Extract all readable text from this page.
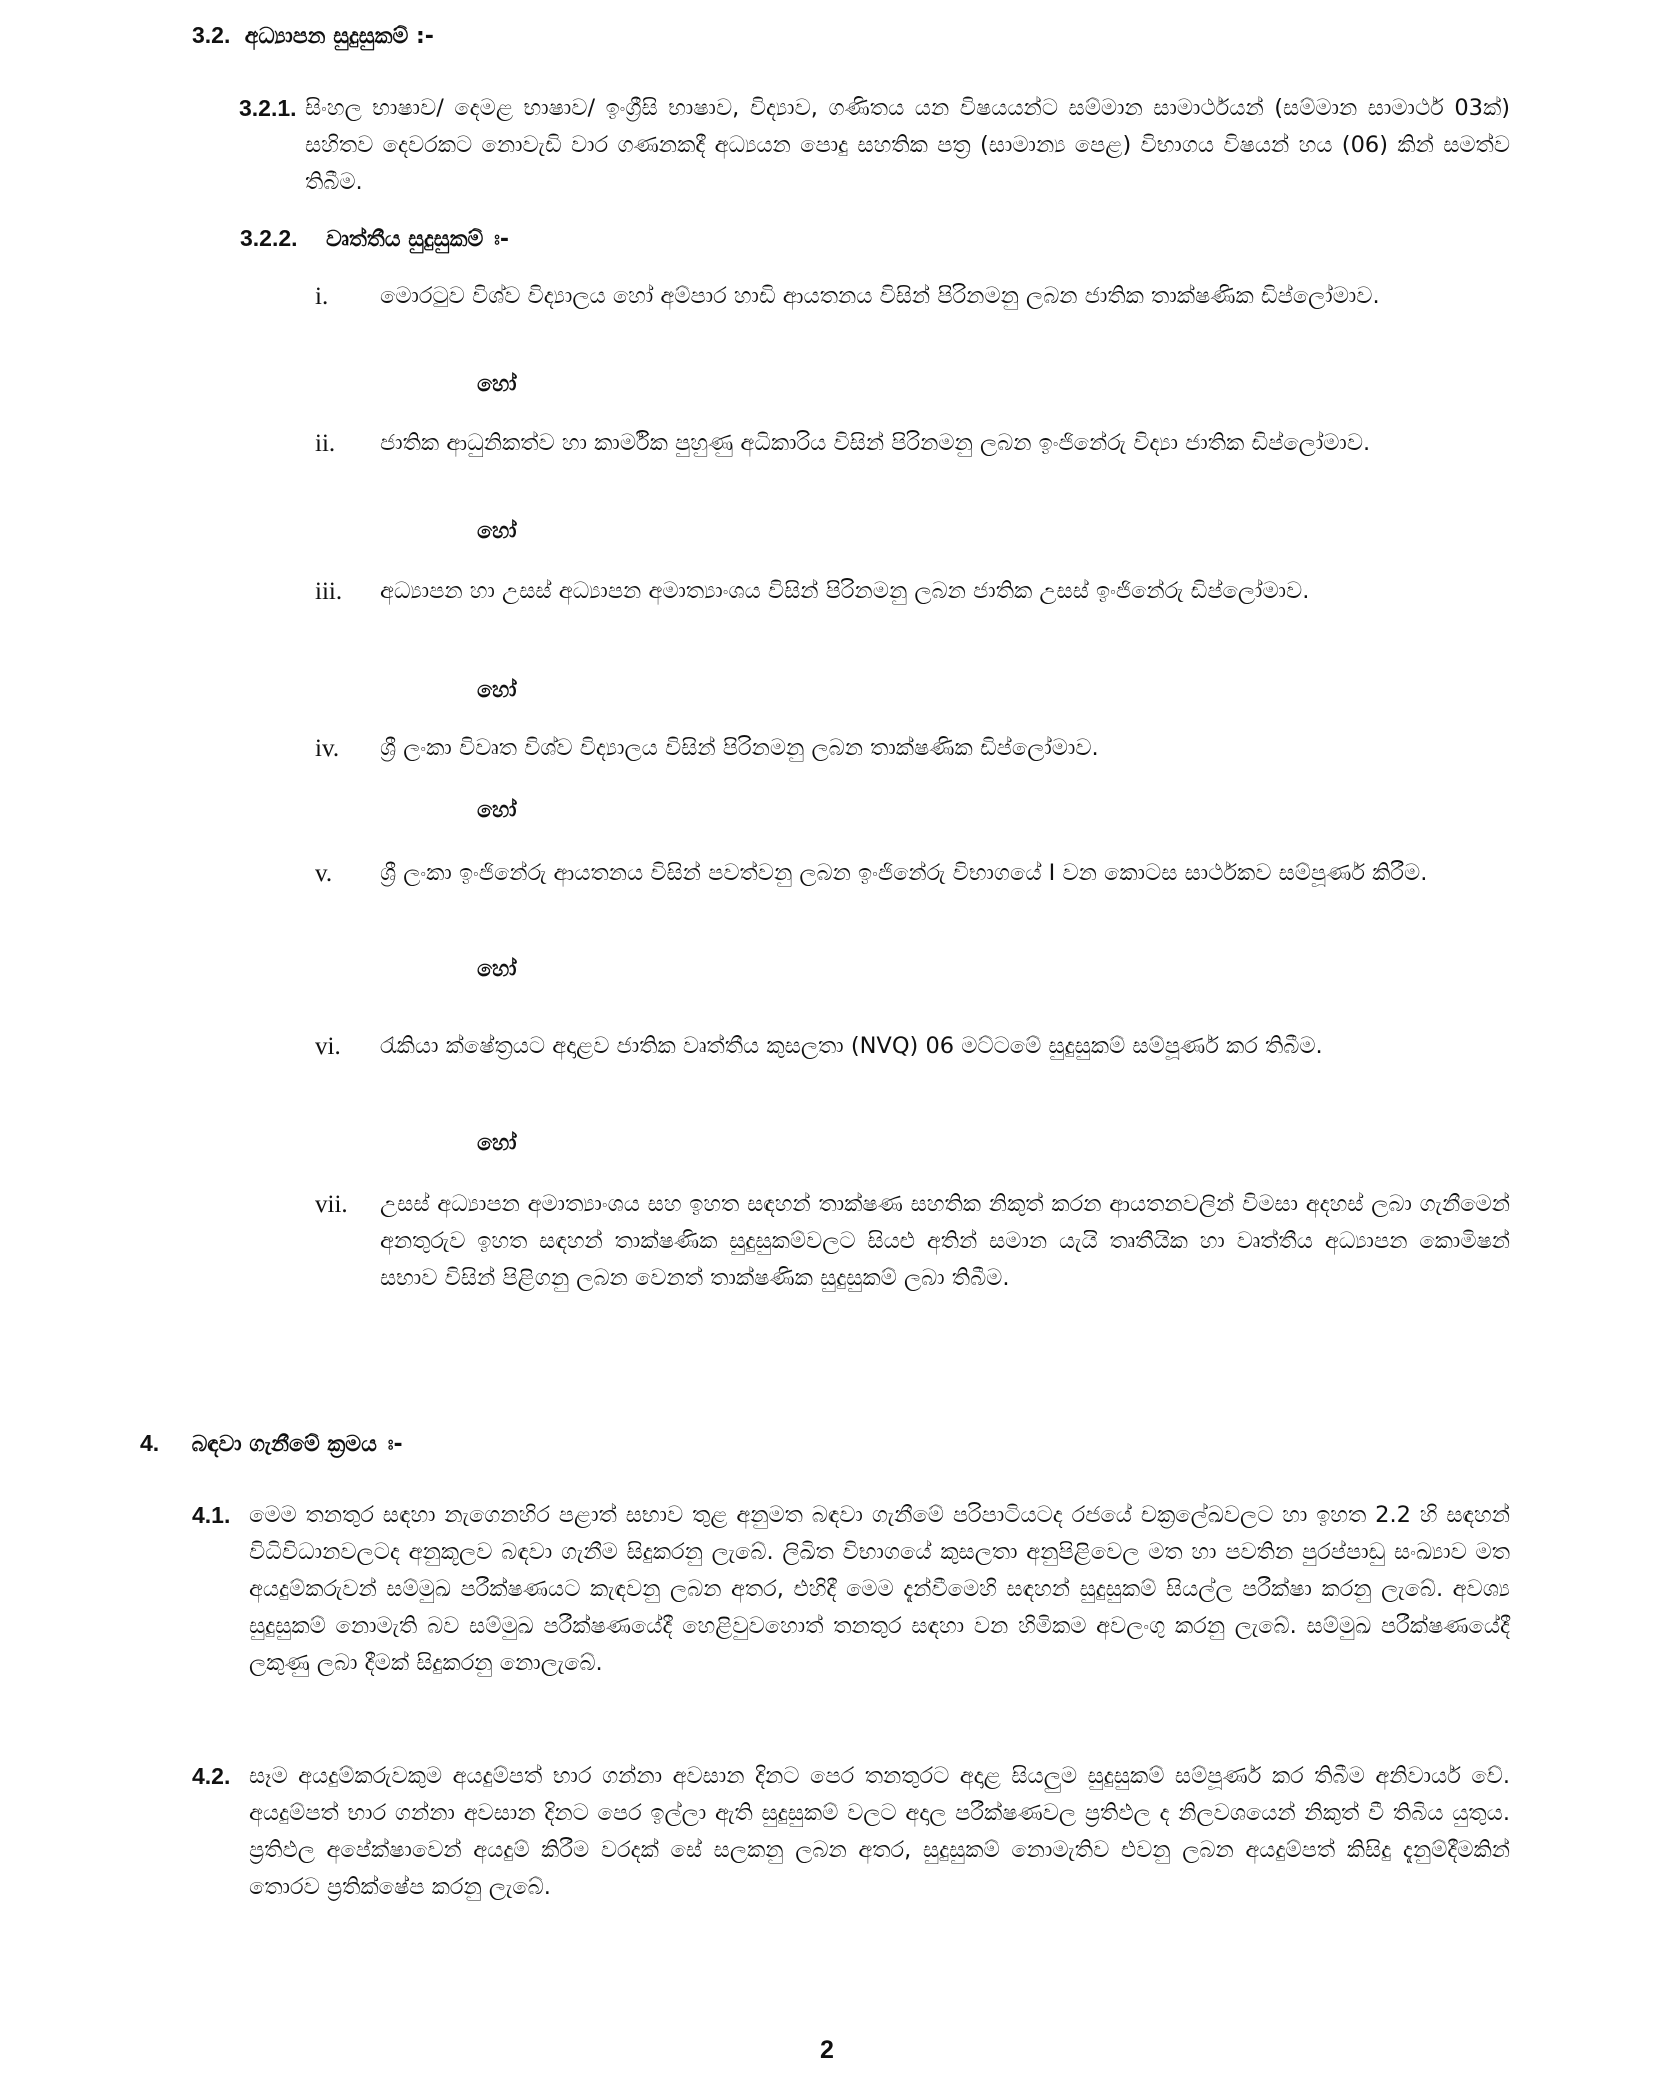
3.2. අධ්‍යාපන සුදුසුකම් :-
3.2.1. සිංහල භාෂාව/ දෙමළ භාෂාව/ ඉංග්‍රීසි භාෂාව, විද්‍යාව, ගණිතය යන විෂයයන්ට සම්මාන සාමාර්ථයන් (සම්මාන සාමාර්ථ 03ක්) සහිතව දෙවරකට නොවැඩි වාර ගණනකදී අධ්‍යයන පොදු සහතික පත්‍ර (සාමාන්‍ය පෙළ) විභාගය විෂයන් හය (06) කින් සමත්ව තිබීම.
3.2.2. වෘත්තීය සුදුසුකම් ඃ-
i. මොරටුව විශ්ව විද්‍යාලය හෝ අම්පාර හාඩි ආයතනය විසින් පිරිනමනු ලබන ජාතික තාක්ෂණික ඩිප්ලෝමාව.
හෝ
ii. ජාතික ආධුනිකත්ව හා කාර්මික පුහුණු අධිකාරිය විසින් පිරිනමනු ලබන ඉංජිනේරු විද්‍යා ජාතික ඩිප්ලෝමාව.
හෝ
iii. අධ්‍යාපන හා උසස් අධ්‍යාපන අමාත්‍යාංශය විසින් පිරිනමනු ලබන ජාතික උසස් ඉංජිනේරු ඩිප්ලෝමාව.
හෝ
iv. ශ්‍රී ලංකා විවෘත විශ්ව විද්‍යාලය විසින් පිරිනමනු ලබන තාක්ෂණික ඩිප්ලෝමාව.
හෝ
v. ශ්‍රී ලංකා ඉංජිනේරු ආයතනය විසින් පවත්වනු ලබන ඉංජිනේරු විභාගයේ I වන කොටස සාර්ථකව සම්පූර්ණ කිරීම.
හෝ
vi. රැකියා ක්ෂේත්‍රයට අදාළව ජාතික වෘත්තීය කුසලතා (NVQ) 06 මට්ටමේ සුදුසුකම් සම්පූර්ණ කර තිබීම.
හෝ
vii. උසස් අධ්‍යාපන අමාත්‍යාංශය සහ ඉහත සඳහන් තාක්ෂණ සහතික නිකුත් කරන ආයතනවලින් විමසා අදහස් ලබා ගැනීමෙන් අනතුරුව ඉහත සඳහන් තාක්ෂණික සුදුසුකම්වලට සියළු අතින් සමාන යැයි තෘතීයික හා වෘත්තීය අධ්‍යාපන කොමිෂන් සභාව විසින් පිළිගනු ලබන වෙනත් තාක්ෂණික සුදුසුකම් ලබා තිබීම.
4. බඳවා ගැනීමේ ක්‍රමය ඃ-
4.1. මෙම තනතුර සඳහා නැගෙනහිර පළාත් සභාව තුළ අනුමත බඳවා ගැනීමේ පරිපාටියටද රජයේ චක්‍රලේඛවලට හා ඉහත 2.2 හි සඳහන් විධිවිධානවලටද අනුකූලව බඳවා ගැනීම සිදුකරනු ලැබේ. ලිඛිත විභාගයේ කුසලතා අනුපිළිවෙල මත හා පවතින පුරප්පාඩු සංඛ්‍යාව මත අයදුම්කරුවන් සම්මුඛ පරීක්ෂණයට කැඳවනු ලබන අතර, එහිදී මෙම දැන්වීමෙහි සඳහන් සුදුසුකම් සියල්ල පරීක්ෂා කරනු ලැබේ. අවශ්‍ය සුදුසුකම් නොමැති බව සම්මුඛ පරීක්ෂණයේදී හෙළිවුවහොත් තනතුර සඳහා වන හිමිකම අවලංගු කරනු ලැබේ. සම්මුඛ පරීක්ෂණයේදී ලකුණු ලබා දීමක් සිදුකරනු නොලැබේ.
4.2. සෑම අයදුම්කරුවකුම අයදුම්පත් භාර ගන්නා අවසාන දිනට පෙර තනතුරට අදාළ සියලුම සුදුසුකම් සම්පූර්ණ කර තිබීම අනිවාර්ය වේ. අයදුම්පත් භාර ගන්නා අවසාන දිනට පෙර ඉල්ලා ඇති සුදුසුකම් වලට අදාල පරීක්ෂණවල ප්‍රතිඵල ද නිලවශයෙන් නිකුත් වී තිබිය යුතුය. ප්‍රතිඵල අපේක්ෂාවෙන් අයදුම් කිරීම වරදක් සේ සලකනු ලබන අතර, සුදුසුකම් නොමැතිව එවනු ලබන අයදුම්පත් කිසිදු දැනුම්දීමකින් තොරව ප්‍රතික්ෂේප කරනු ලැබේ.
2
